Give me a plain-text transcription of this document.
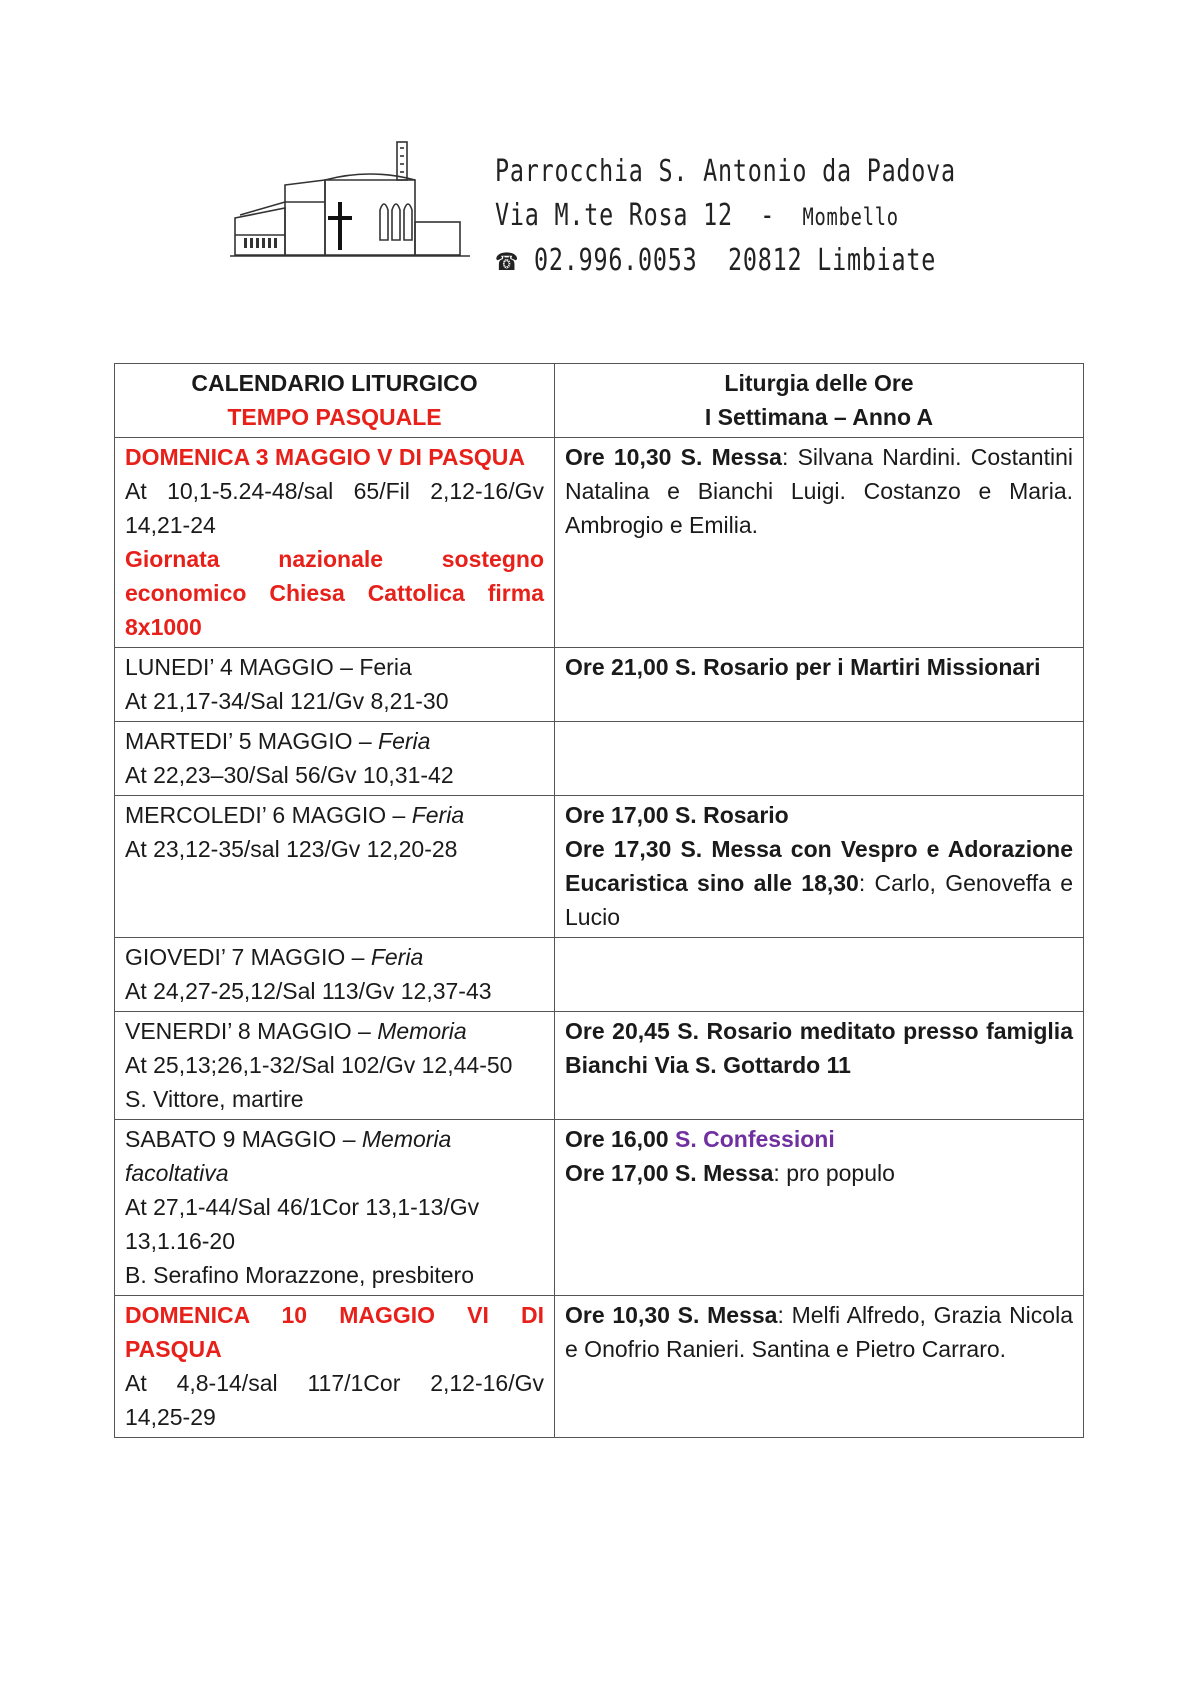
Parrocchia S. Antonio da Padova
Via M.te Rosa 12 - Mombello
☎ 02.996.0053 20812 Limbiate
CALENDARIO LITURGICO
TEMPO PASQUALE	Liturgia delle Ore
I Settimana – Anno A

DOMENICA 3 MAGGIO V DI PASQUA
At 10,1-5.24-48/sal 65/Fil 2,12-16/Gv 14,21-24
Giornata nazionale sostegno economico Chiesa Cattolica firma 8x1000	Ore 10,30 S. Messa: Silvana Nardini. Costantini Natalina e Bianchi Luigi. Costanzo e Maria. Ambrogio e Emilia.

LUNEDI’ 4 MAGGIO – Feria
At 21,17-34/Sal 121/Gv 8,21-30	Ore 21,00 S. Rosario per i Martiri Missionari

MARTEDI’ 5 MAGGIO – Feria
At 22,23–30/Sal 56/Gv 10,31-42	

MERCOLEDI’ 6 MAGGIO – Feria
At 23,12-35/sal 123/Gv 12,20-28	Ore 17,00 S. Rosario
Ore 17,30 S. Messa con Vespro e Adorazione Eucaristica sino alle 18,30: Carlo, Genoveffa e Lucio

GIOVEDI’ 7 MAGGIO – Feria
At 24,27-25,12/Sal 113/Gv 12,37-43	

VENERDI’ 8 MAGGIO – Memoria
At 25,13;26,1-32/Sal 102/Gv 12,44-50
S. Vittore, martire	Ore 20,45 S. Rosario meditato presso famiglia Bianchi Via S. Gottardo 11

SABATO 9 MAGGIO – Memoria facoltativa
At 27,1-44/Sal 46/1Cor 13,1-13/Gv 13,1.16-20
B. Serafino Morazzone, presbitero	Ore 16,00 S. Confessioni
Ore 17,00 S. Messa: pro populo

DOMENICA 10 MAGGIO VI DI PASQUA
At 4,8-14/sal 117/1Cor 2,12-16/Gv 14,25-29	Ore 10,30 S. Messa: Melfi Alfredo, Grazia Nicola e Onofrio Ranieri. Santina e Pietro Carraro.
